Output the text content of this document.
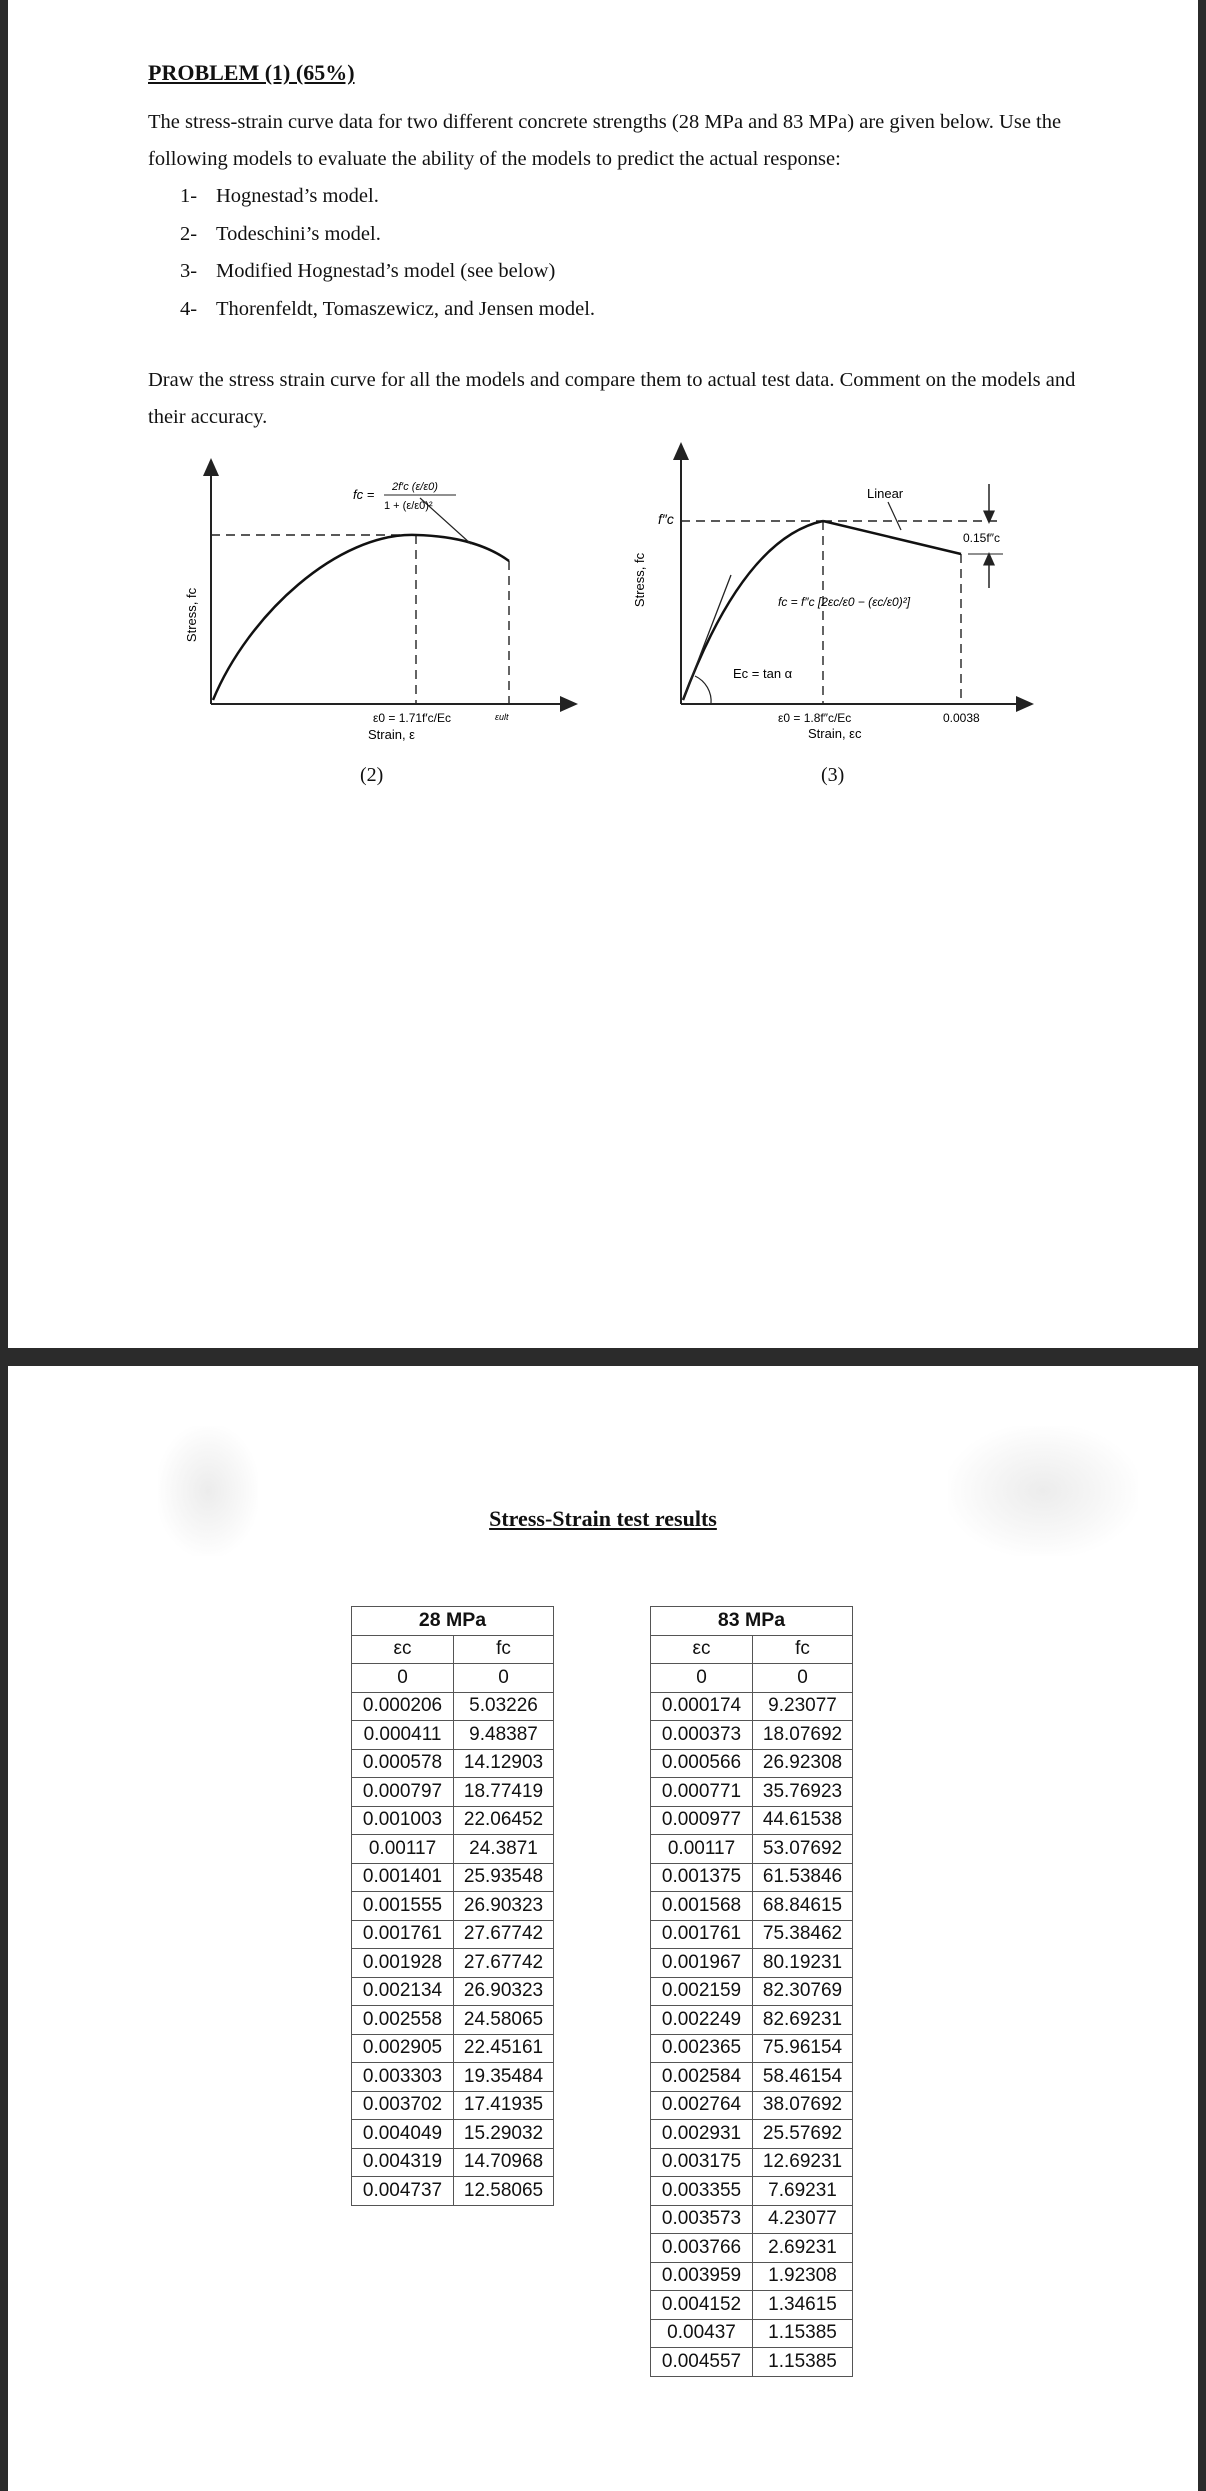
PROBLEM (1) (65%)

The stress-strain curve data for two different concrete strengths (28 MPa and 83 MPa) are given below. Use the following models to evaluate the ability of the models to predict the actual response:

1- Hognestad’s model.
2- Todeschini’s model.
3- Modified Hognestad’s model (see below)
4- Thorenfeldt, Tomaszewicz, and Jensen model.

Draw the stress strain curve for all the models and compare them to actual test data. Comment on the models and their accuracy.

fc = 2f′c (ε/ε0)
1 + (ε/ε0)²
Stress, fc
ε0 = 1.71f′c/Ec	εult
Strain, ε
Stress, fc
f″c
Linear
0.15f″c
fc = f″c [2εc/ε0 − (εc/ε0)²]
Ec = tan α
ε0 = 1.8f″c/Ec
Strain, εc
0.0038
(2)	(3)
Stress-Strain test results
28 MPa	
εc	fc
0	0
0.000206	5.03226
0.000411	9.48387
0.000578	14.12903
0.000797	18.77419
0.001003	22.06452
0.00117	24.3871
0.001401	25.93548
0.001555	26.90323
0.001761	27.67742
0.001928	27.67742
0.002134	26.90323
0.002558	24.58065
0.002905	22.45161
0.003303	19.35484
0.003702	17.41935
0.004049	15.29032
0.004319	14.70968
0.004737	12.58065
83 MPa	
εc	fc
0	0
0.000174	9.23077
0.000373	18.07692
0.000566	26.92308
0.000771	35.76923
0.000977	44.61538
0.00117	53.07692
0.001375	61.53846
0.001568	68.84615
0.001761	75.38462
0.001967	80.19231
0.002159	82.30769
0.002249	82.69231
0.002365	75.96154
0.002584	58.46154
0.002764	38.07692
0.002931	25.57692
0.003175	12.69231
0.003355	7.69231
0.003573	4.23077
0.003766	2.69231
0.003959	1.92308
0.004152	1.34615
0.00437	1.15385
0.004557	1.15385
